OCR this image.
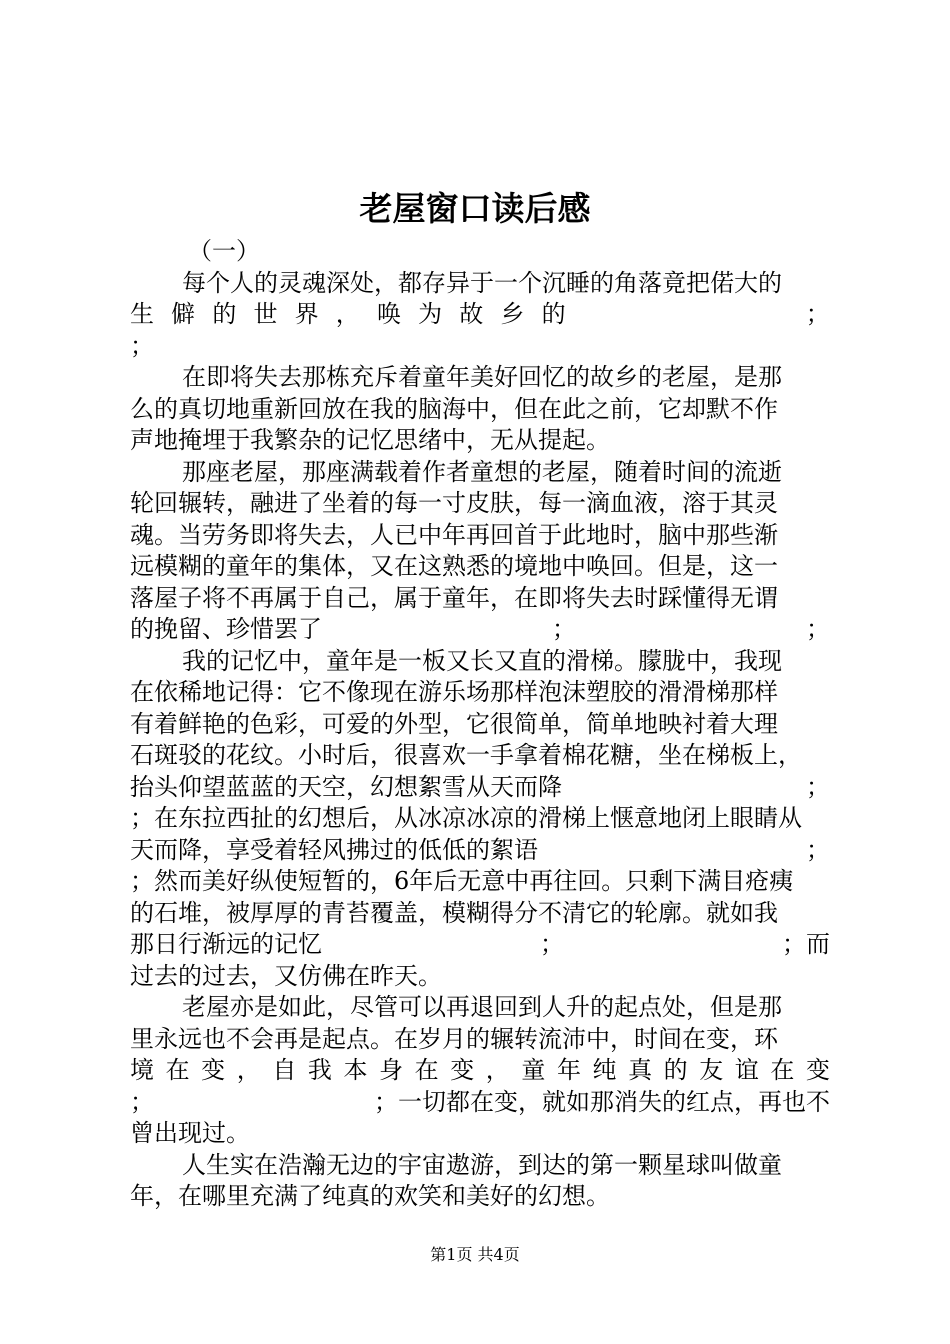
老屋窗口读后感
（一）
每个人的灵魂深处，都存异于一个沉睡的角落竟把偌大的
生 僻 的 世 界 ， 唤 为 故 乡 的	；
；
在即将失去那栋充斥着童年美好回忆的故乡的老屋，是那
么的真切地重新回放在我的脑海中，但在此之前，它却默不作
声地掩埋于我繁杂的记忆思绪中，无从提起。
那座老屋，那座满载着作者童想的老屋，随着时间的流逝
轮回辗转，融进了坐着的每一寸皮肤，每一滴血液，溶于其灵
魂。当劳务即将失去，人已中年再回首于此地时，脑中那些渐
远模糊的童年的集体，又在这熟悉的境地中唤回。但是，这一
落屋子将不再属于自己，属于童年，在即将失去时踩懂得无谓
的挽留、珍惜罢了	；	；
我的记忆中，童年是一板又长又直的滑梯。朦胧中，我现
在依稀地记得：它不像现在游乐场那样泡沫塑胶的滑滑梯那样
有着鲜艳的色彩，可爱的外型，它很简单，简单地映衬着大理
石斑驳的花纹。小时后，很喜欢一手拿着棉花糖，坐在梯板上，
抬头仰望蓝蓝的天空，幻想絮雪从天而降	；
；在东拉西扯的幻想后，从冰凉冰凉的滑梯上惬意地闭上眼睛从
天而降，享受着轻风拂过的低低的絮语	；
；然而美好纵使短暂的，6年后无意中再往回。只剩下满目疮痍
的石堆，被厚厚的青苔覆盖，模糊得分不清它的轮廓。就如我
那日行渐远的记忆	；	；而
过去的过去，又仿佛在昨天。
老屋亦是如此，尽管可以再退回到人升的起点处，但是那
里永远也不会再是起点。在岁月的辗转流沛中，时间在变，环
境 在 变 ， 自 我 本 身 在 变 ， 童 年 纯 真 的 友 谊 在 变
；	；一切都在变，就如那消失的红点，再也不
曾出现过。
人生实在浩瀚无边的宇宙遨游，到达的第一颗星球叫做童
年，在哪里充满了纯真的欢笑和美好的幻想。
第1页 共4页
